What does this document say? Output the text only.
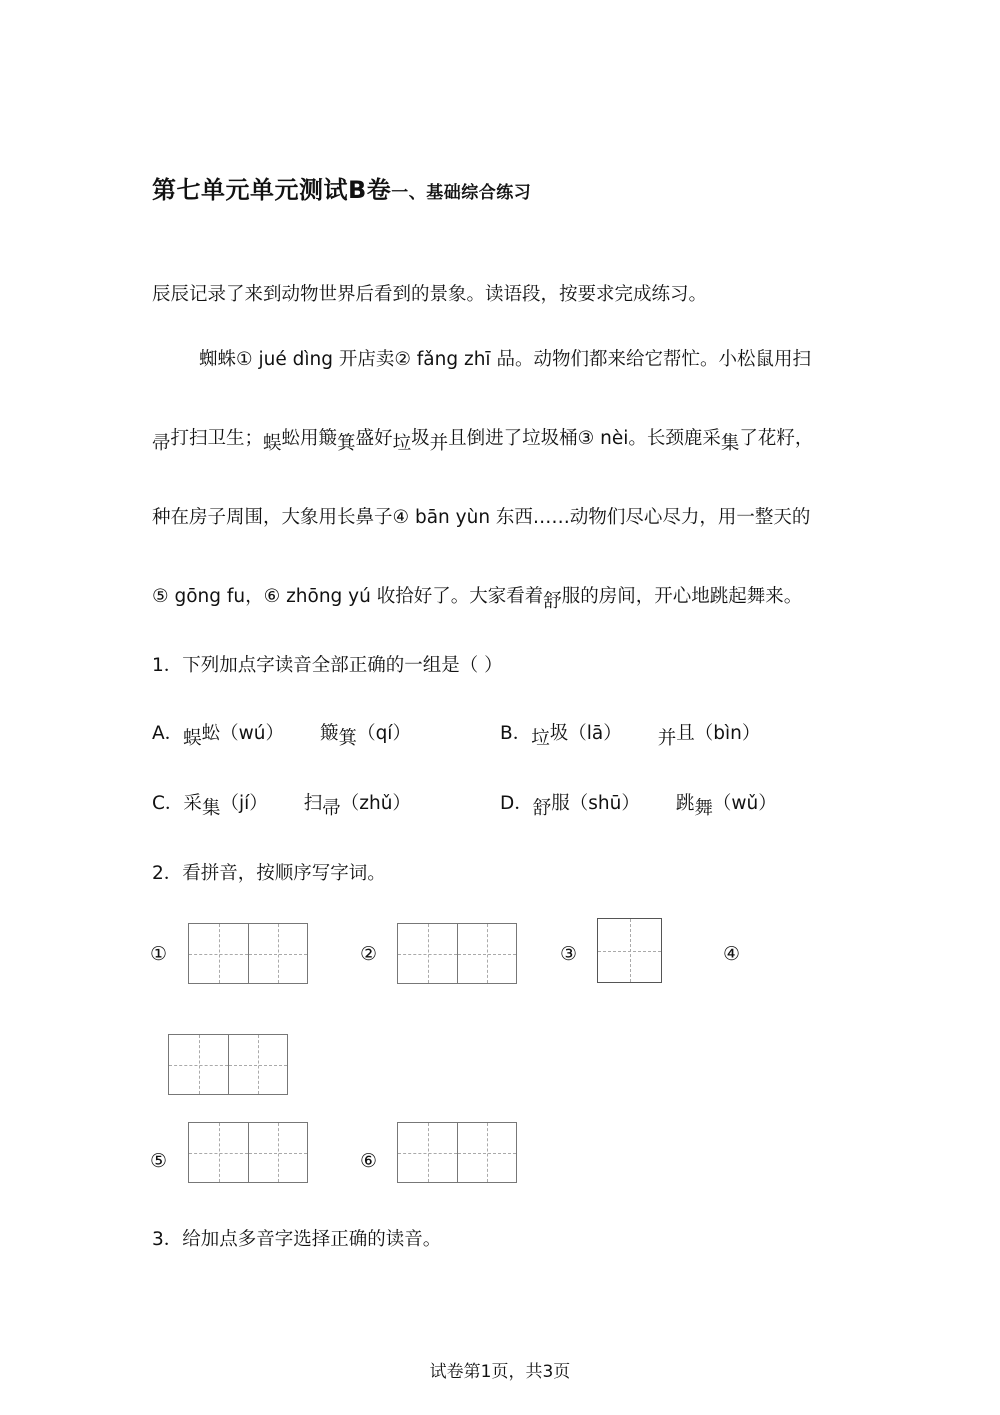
第七单元单元测试B卷一、基础综合练习
辰辰记录了来到动物世界后看到的景象。读语段，按要求完成练习。
蜘蛛① jué dìng 开店卖② fǎng zhī 品。动物们都来给它帮忙。小松鼠用扫
帚打扫卫生；蜈蚣用簸箕盛好垃圾并且倒进了垃圾桶③ nèi。长颈鹿采集了花籽，
种在房子周围，大象用长鼻子④ bān yùn 东西……动物们尽心尽力，用一整天的
⑤ gōng fu，⑥ zhōng yú 收拾好了。大家看着舒服的房间，开心地跳起舞来。
1．下列加点字读音全部正确的一组是（ ）
A．蜈蚣（wú） 簸箕（qí）	B．垃圾（lā） 并且（bìn）
C．采集（jí） 扫帚（zhǔ）	D．舒服（shū） 跳舞（wǔ）
2．看拼音，按顺序写字词。
①	②	③	④
⑤	⑥
3．给加点多音字选择正确的读音。
试卷第1页，共3页
